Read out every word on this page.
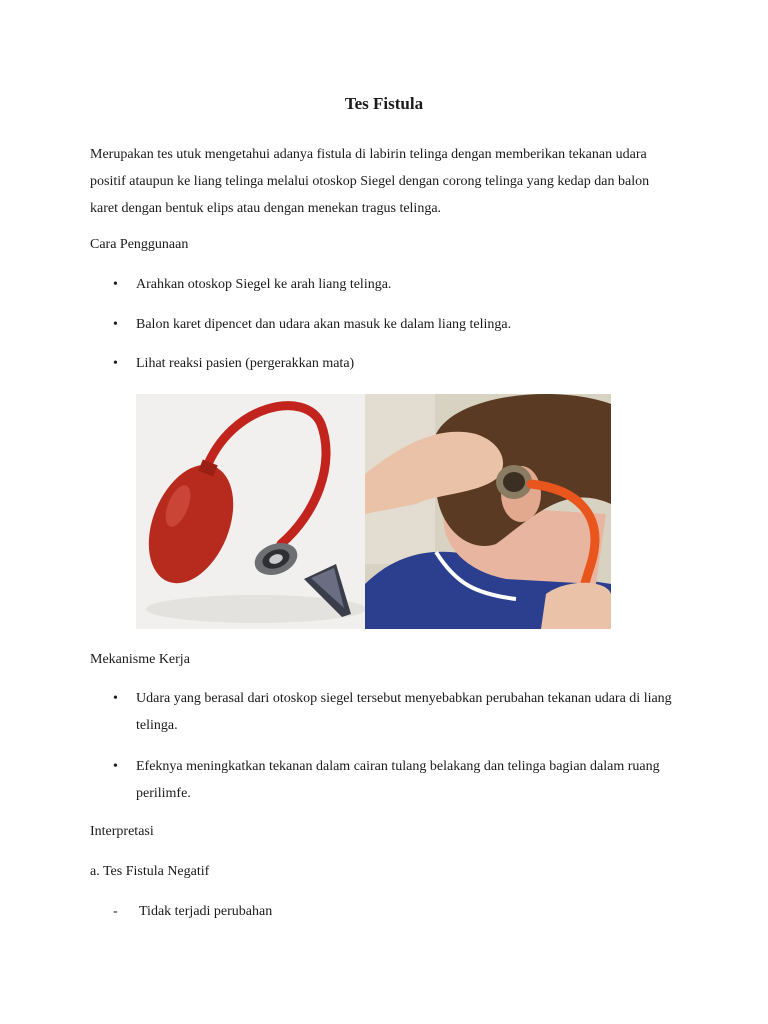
Tes Fistula

Merupakan tes utuk mengetahui adanya fistula di labirin telinga dengan memberikan tekanan udara positif ataupun ke liang telinga melalui otoskop Siegel dengan corong telinga yang kedap dan balon karet dengan bentuk elips atau dengan menekan tragus telinga.

Cara Penggunaan

•	Arahkan otoskop Siegel ke arah liang telinga.
•	Balon karet dipencet dan udara akan masuk ke dalam liang telinga.
•	Lihat reaksi pasien (pergerakkan mata)

Mekanisme Kerja

•	Udara yang berasal dari otoskop siegel tersebut menyebabkan perubahan tekanan udara di liang telinga.
•	Efeknya meningkatkan tekanan dalam cairan tulang belakang dan telinga bagian dalam ruang perilimfe.

Interpretasi

a. Tes Fistula Negatif

- Tidak terjadi perubahan
